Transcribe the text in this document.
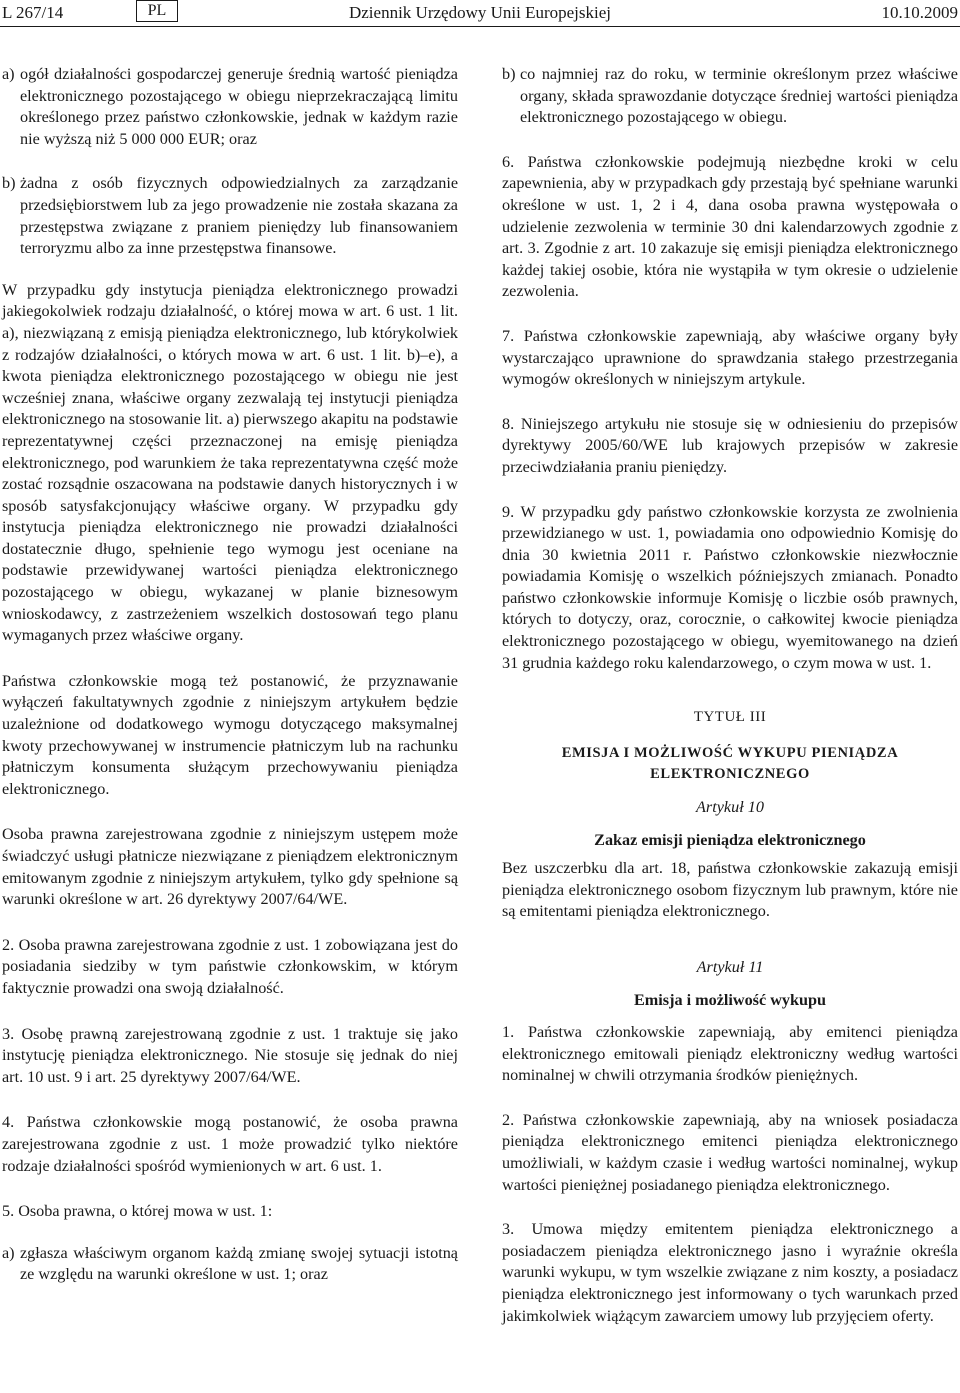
L 267/14	PL	Dziennik Urzędowy Unii Europejskiej	10.10.2009
a) ogół działalności gospodarczej generuje średnią wartość pieniądza elektronicznego pozostającego w obiegu nieprzekraczającą limitu określonego przez państwo członkowskie, jednak w każdym razie nie wyższą niż 5 000 000 EUR; oraz
b) żadna z osób fizycznych odpowiedzialnych za zarządzanie przedsiębiorstwem lub za jego prowadzenie nie została skazana za przestępstwa związane z praniem pieniędzy lub finansowaniem terroryzmu albo za inne przestępstwa finansowe.

W przypadku gdy instytucja pieniądza elektronicznego prowadzi jakiegokolwiek rodzaju działalność, o której mowa w art. 6 ust. 1 lit. a), niezwiązaną z emisją pieniądza elektronicznego, lub którykolwiek z rodzajów działalności, o których mowa w art. 6 ust. 1 lit. b)–e), a kwota pieniądza elektronicznego pozostającego w obiegu nie jest wcześniej znana, właściwe organy zezwalają tej instytucji pieniądza elektronicznego na stosowanie lit. a) pierwszego akapitu na podstawie reprezentatywnej części przeznaczonej na emisję pieniądza elektronicznego, pod warunkiem że taka reprezentatywna część może zostać rozsądnie oszacowana na podstawie danych historycznych i w sposób satysfakcjonujący właściwe organy. W przypadku gdy instytucja pieniądza elektronicznego nie prowadzi działalności dostatecznie długo, spełnienie tego wymogu jest oceniane na podstawie przewidywanej wartości pieniądza elektronicznego pozostającego w obiegu, wykazanej w planie biznesowym wnioskodawcy, z zastrzeżeniem wszelkich dostosowań tego planu wymaganych przez właściwe organy.

Państwa członkowskie mogą też postanowić, że przyznawanie wyłączeń fakultatywnych zgodnie z niniejszym artykułem będzie uzależnione od dodatkowego wymogu dotyczącego maksymalnej kwoty przechowywanej w instrumencie płatniczym lub na rachunku płatniczym konsumenta służącym przechowywaniu pieniądza elektronicznego.

Osoba prawna zarejestrowana zgodnie z niniejszym ustępem może świadczyć usługi płatnicze niezwiązane z pieniądzem elektronicznym emitowanym zgodnie z niniejszym artykułem, tylko gdy spełnione są warunki określone w art. 26 dyrektywy 2007/64/WE.

2. Osoba prawna zarejestrowana zgodnie z ust. 1 zobowiązana jest do posiadania siedziby w tym państwie członkowskim, w którym faktycznie prowadzi ona swoją działalność.

3. Osobę prawną zarejestrowaną zgodnie z ust. 1 traktuje się jako instytucję pieniądza elektronicznego. Nie stosuje się jednak do niej art. 10 ust. 9 i art. 25 dyrektywy 2007/64/WE.

4. Państwa członkowskie mogą postanowić, że osoba prawna zarejestrowana zgodnie z ust. 1 może prowadzić tylko niektóre rodzaje działalności spośród wymienionych w art. 6 ust. 1.

5. Osoba prawna, o której mowa w ust. 1:

a) zgłasza właściwym organom każdą zmianę swojej sytuacji istotną ze względu na warunki określone w ust. 1; oraz
b) co najmniej raz do roku, w terminie określonym przez właściwe organy, składa sprawozdanie dotyczące średniej wartości pieniądza elektronicznego pozostającego w obiegu.

6. Państwa członkowskie podejmują niezbędne kroki w celu zapewnienia, aby w przypadkach gdy przestają być spełniane warunki określone w ust. 1, 2 i 4, dana osoba prawna występowała o udzielenie zezwolenia w terminie 30 dni kalendarzowych zgodnie z art. 3. Zgodnie z art. 10 zakazuje się emisji pieniądza elektronicznego każdej takiej osobie, która nie wystąpiła w tym okresie o udzielenie zezwolenia.

7. Państwa członkowskie zapewniają, aby właściwe organy były wystarczająco uprawnione do sprawdzania stałego przestrzegania wymogów określonych w niniejszym artykule.

8. Niniejszego artykułu nie stosuje się w odniesieniu do przepisów dyrektywy 2005/60/WE lub krajowych przepisów w zakresie przeciwdziałania praniu pieniędzy.

9. W przypadku gdy państwo członkowskie korzysta ze zwolnienia przewidzianego w ust. 1, powiadamia ono odpowiednio Komisję do dnia 30 kwietnia 2011 r. Państwo członkowskie niezwłocznie powiadamia Komisję o wszelkich późniejszych zmianach. Ponadto państwo członkowskie informuje Komisję o liczbie osób prawnych, których to dotyczy, oraz, corocznie, o całkowitej kwocie pieniądza elektronicznego pozostającego w obiegu, wyemitowanego na dzień 31 grudnia każdego roku kalendarzowego, o czym mowa w ust. 1.

TYTUŁ III
EMISJA I MOŻLIWOŚĆ WYKUPU PIENIĄDZA ELEKTRONICZNEGO
Artykuł 10
Zakaz emisji pieniądza elektronicznego

Bez uszczerbku dla art. 18, państwa członkowskie zakazują emisji pieniądza elektronicznego osobom fizycznym lub prawnym, które nie są emitentami pieniądza elektronicznego.

Artykuł 11
Emisja i możliwość wykupu

1. Państwa członkowskie zapewniają, aby emitenci pieniądza elektronicznego emitowali pieniądz elektroniczny według wartości nominalnej w chwili otrzymania środków pieniężnych.

2. Państwa członkowskie zapewniają, aby na wniosek posiadacza pieniądza elektronicznego emitenci pieniądza elektronicznego umożliwiali, w każdym czasie i według wartości nominalnej, wykup wartości pieniężnej posiadanego pieniądza elektronicznego.

3. Umowa między emitentem pieniądza elektronicznego a posiadaczem pieniądza elektronicznego jasno i wyraźnie określa warunki wykupu, w tym wszelkie związane z nim koszty, a posiadacz pieniądza elektronicznego jest informowany o tych warunkach przed jakimkolwiek wiążącym zawarciem umowy lub przyjęciem oferty.
